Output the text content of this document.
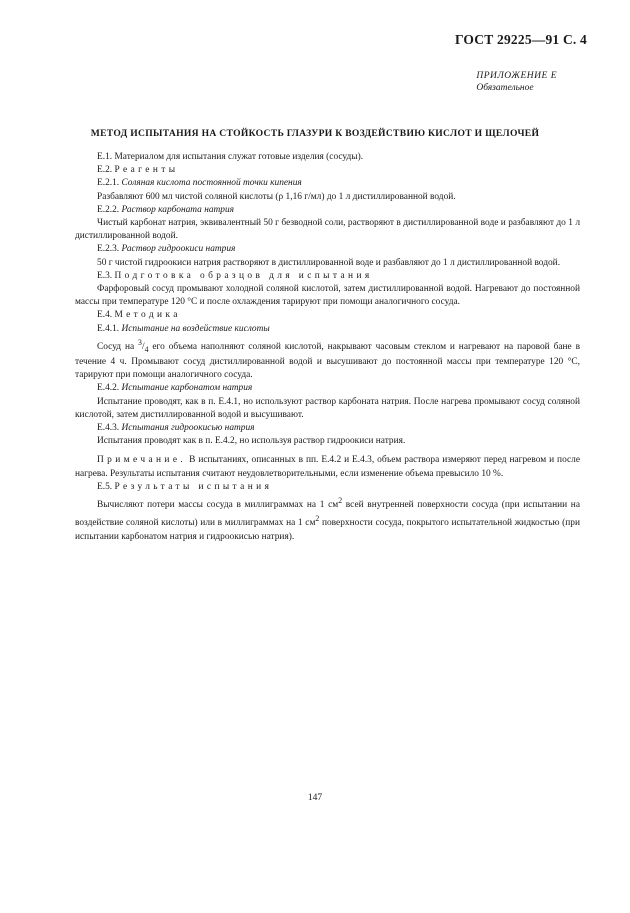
ГОСТ 29225—91 С. 4
ПРИЛОЖЕНИЕ Е
Обязательное
МЕТОД ИСПЫТАНИЯ НА СТОЙКОСТЬ ГЛАЗУРИ К ВОЗДЕЙСТВИЮ КИСЛОТ И ЩЕЛОЧЕЙ

Е.1. Материалом для испытания служат готовые изделия (сосуды).

Е.2. Реагенты

Е.2.1. Соляная кислота постоянной точки кипения

Разбавляют 600 мл чистой соляной кислоты (ρ 1,16 г/мл) до 1 л дистиллированной водой.

Е.2.2. Раствор карбоната натрия

Чистый карбонат натрия, эквивалентный 50 г безводной соли, растворяют в дистиллированной воде и разбавляют до 1 л дистиллированной водой.

Е.2.3. Раствор гидроокиси натрия

50 г чистой гидроокиси натрия растворяют в дистиллированной воде и разбавляют до 1 л дистиллированной водой.

Е.3. Подготовка образцов для испытания

Фарфоровый сосуд промывают холодной соляной кислотой, затем дистиллированной водой. Нагревают до постоянной массы при температуре 120 °С и после охлаждения тарируют при помощи аналогичного сосуда.

Е.4. Методика

Е.4.1. Испытание на воздействие кислоты

Сосуд на $^3/_4$ его объема наполняют соляной кислотой, накрывают часовым стеклом и нагревают на паровой бане в течение 4 ч. Промывают сосуд дистиллированной водой и высушивают до постоянной массы при температуре 120 °С, тарируют при помощи аналогичного сосуда.

Е.4.2. Испытание карбонатом натрия

Испытание проводят, как в п. Е.4.1, но используют раствор карбоната натрия. После нагрева промывают сосуд соляной кислотой, затем дистиллированной водой и высушивают.

Е.4.3. Испытания гидроокисью натрия

Испытания проводят как в п. Е.4.2, но используя раствор гидроокиси натрия.

Примечание. В испытаниях, описанных в пп. Е.4.2 и Е.4.3, объем раствора измеряют перед нагревом и после нагрева. Результаты испытания считают неудовлетворительными, если изменение объема превысило 10 %.

Е.5. Результаты испытания

Вычисляют потери массы сосуда в миллиграммах на 1 $см^2$ всей внутренней поверхности сосуда (при испытании на воздействие соляной кислоты) или в миллиграммах на 1 $см^2$ поверхности сосуда, покрытого испытательной жидкостью (при испытании карбонатом натрия и гидроокисью натрия).

147
